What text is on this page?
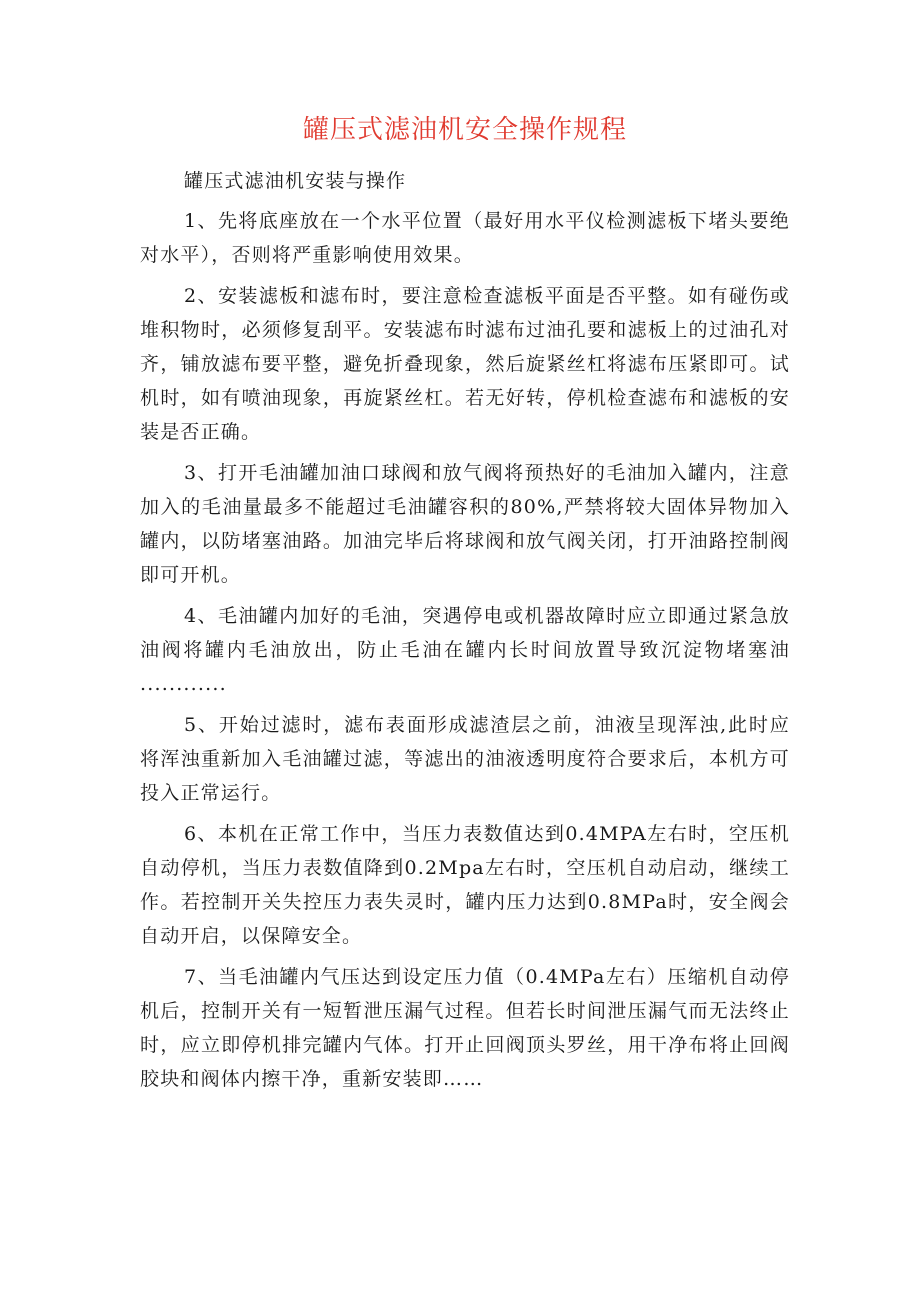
罐压式滤油机安全操作规程

罐压式滤油机安装与操作

1、先将底座放在一个水平位置（最好用水平仪检测滤板下堵头要绝对水平），否则将严重影响使用效果。

2、安装滤板和滤布时，要注意检查滤板平面是否平整。如有碰伤或堆积物时，必须修复刮平。安装滤布时滤布过油孔要和滤板上的过油孔对齐，铺放滤布要平整，避免折叠现象，然后旋紧丝杠将滤布压紧即可。试机时，如有喷油现象，再旋紧丝杠。若无好转，停机检查滤布和滤板的安装是否正确。

3、打开毛油罐加油口球阀和放气阀将预热好的毛油加入罐内，注意加入的毛油量最多不能超过毛油罐容积的80%,严禁将较大固体异物加入罐内，以防堵塞油路。加油完毕后将球阀和放气阀关闭，打开油路控制阀即可开机。

4、毛油罐内加好的毛油，突遇停电或机器故障时应立即通过紧急放油阀将罐内毛油放出，防止毛油在罐内长时间放置导致沉淀物堵塞油 ............

5、开始过滤时，滤布表面形成滤渣层之前，油液呈现浑浊,此时应将浑浊重新加入毛油罐过滤，等滤出的油液透明度符合要求后，本机方可投入正常运行。

6、本机在正常工作中，当压力表数值达到0.4MPA左右时，空压机自动停机，当压力表数值降到0.2Mpa左右时，空压机自动启动，继续工作。若控制开关失控压力表失灵时，罐内压力达到0.8MPa时，安全阀会自动开启，以保障安全。

7、当毛油罐内气压达到设定压力值（0.4MPa左右）压缩机自动停机后，控制开关有一短暂泄压漏气过程。但若长时间泄压漏气而无法终止时，应立即停机排完罐内气体。打开止回阀顶头罗丝，用干净布将止回阀胶块和阀体内擦干净，重新安装即……
